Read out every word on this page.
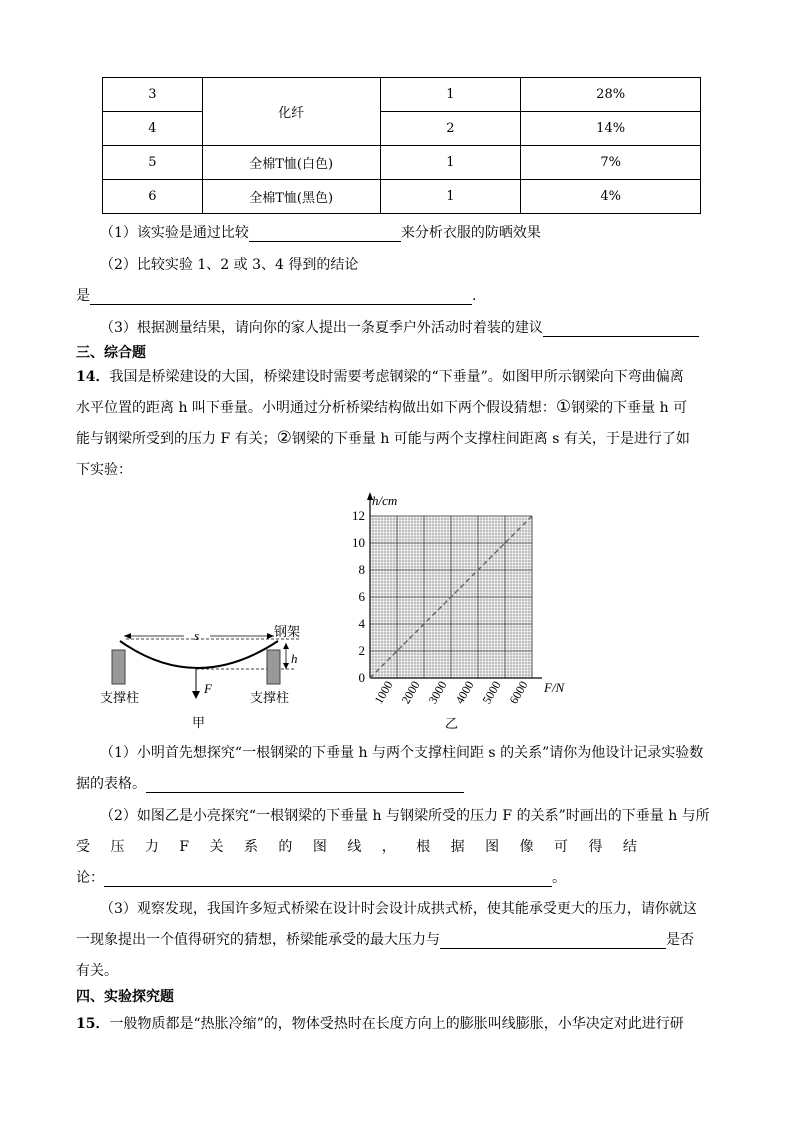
3	化纤	1	28%
4		2	14%
5	全棉T恤(白色)	1	7%
6	全棉T恤(黑色)	1	4%
（1）该实验是通过比较	来分析衣服的防晒效果
（2）比较实验 1、2 或 3、4 得到的结论
是	.
（3）根据测量结果，请向你的家人提出一条夏季户外活动时着装的建议
三、综合题
14．我国是桥梁建设的大国，桥梁建设时需要考虑钢梁的“下垂量”。如图甲所示钢梁向下弯曲偏离
水平位置的距离 h 叫下垂量。小明通过分析桥梁结构做出如下两个假设猜想：①钢梁的下垂量 h 可
能与钢梁所受到的压力 F 有关；②钢梁的下垂量 h 可能与两个支撑柱间距离 s 有关，于是进行了如
下实验：
s
h
F
钢架
支撑柱	支撑柱
甲
0
2
4
6
8
10
12
1000 2000 3000 4000 5000 6000
h/cm
F/N
乙
（1）小明首先想探究“一根钢梁的下垂量 h 与两个支撑柱间距 s 的关系”请你为他设计记录实验数
据的表格。
（2）如图乙是小亮探究“一根钢梁的下垂量 h 与钢梁所受的压力 F 的关系”时画出的下垂量 h 与所
受 压 力 F 关 系 的 图 线 ， 根 据 图 像 可 得 结
论：	。
（3）观察发现，我国许多短式桥梁在设计时会设计成拱式桥，使其能承受更大的压力，请你就这
一现象提出一个值得研究的猜想，桥梁能承受的最大压力与	是否
有关。
四、实验探究题
15．一般物质都是“热胀冷缩”的，物体受热时在长度方向上的膨胀叫线膨胀，小华决定对此进行研
